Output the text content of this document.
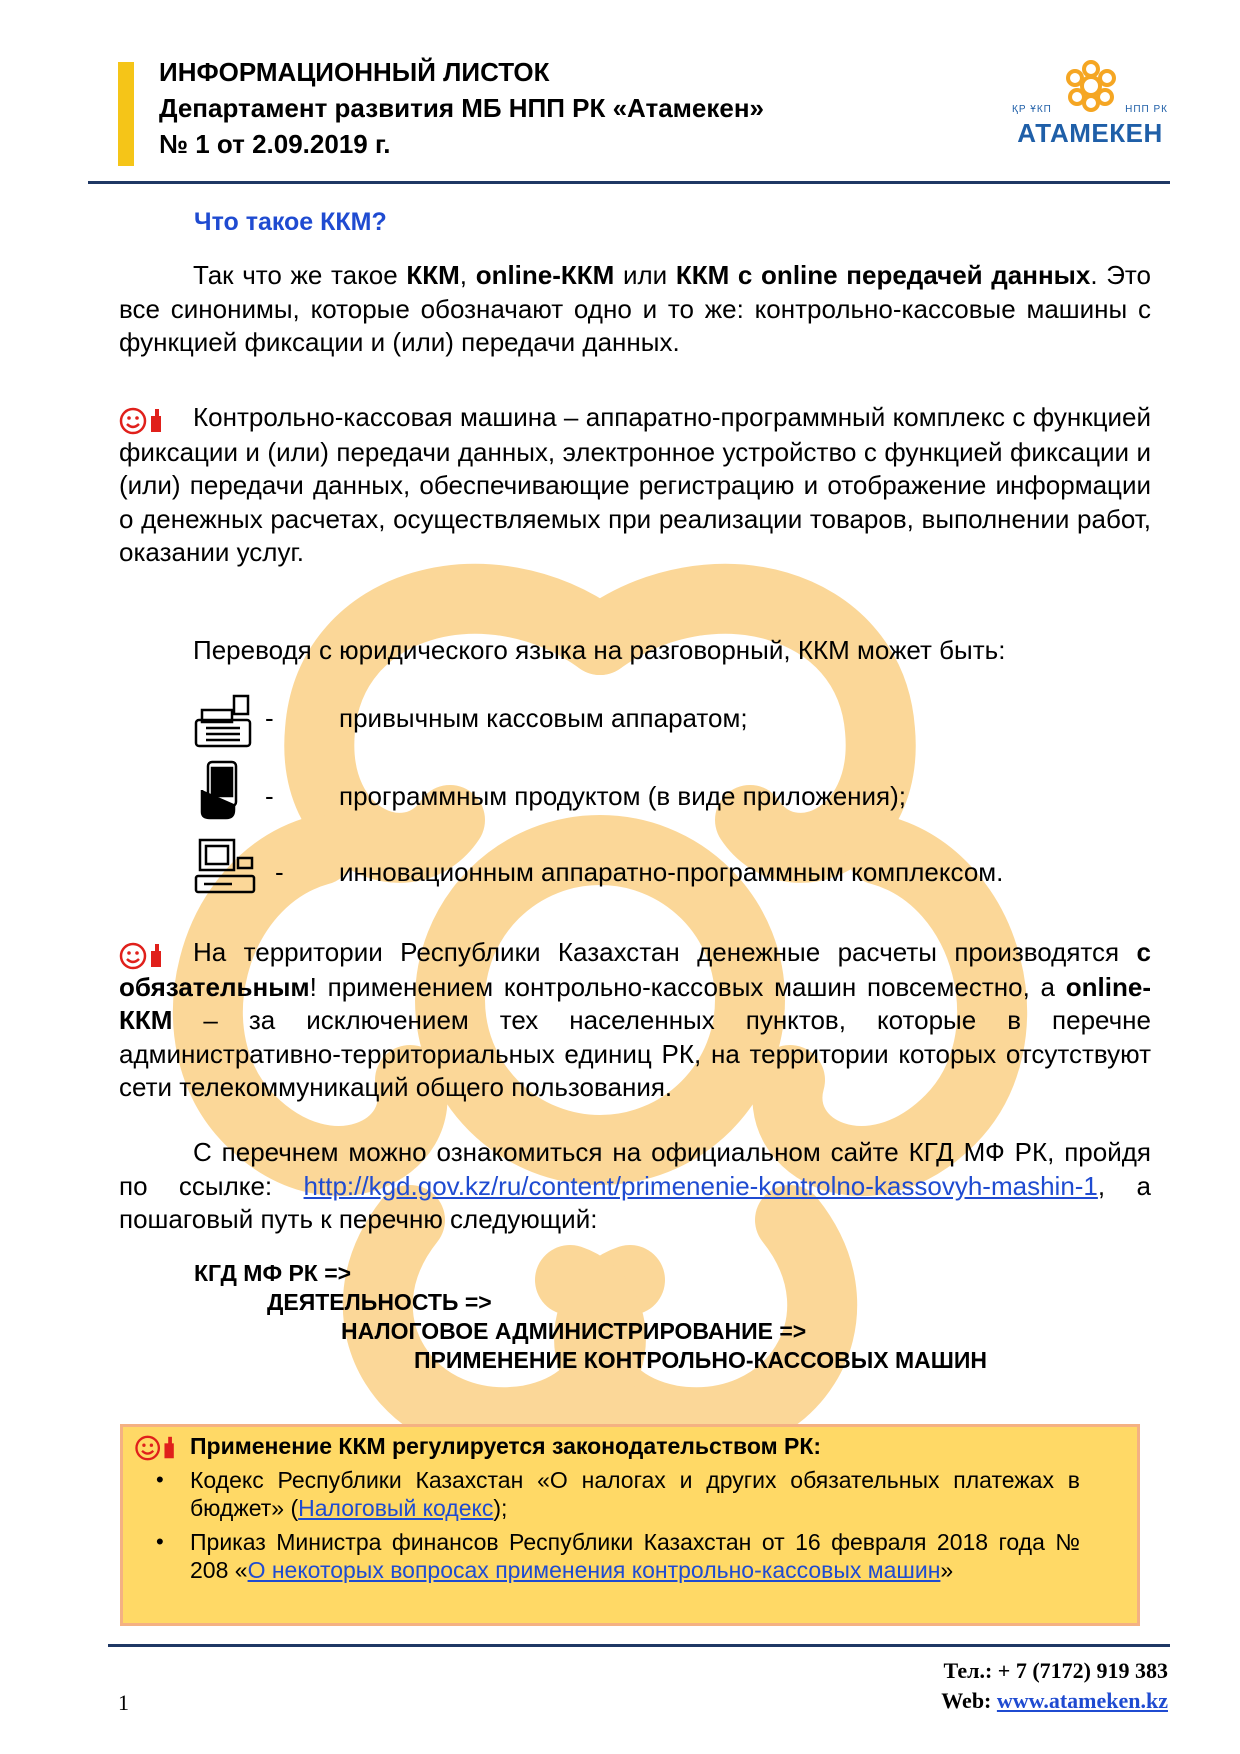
ИНФОРМАЦИОННЫЙ ЛИСТОК
Департамент развития МБ НПП РК «Атамекен»
№ 1 от 2.09.2019 г.
ҚР ҰКП	НПП РК
АТАМЕКЕН
Что такое ККМ?
Так что же такое ККМ, online-ККМ или ККМ с online передачей данных. Это все синонимы, которые обозначают одно и то же: контрольно-кассовые машины с функцией фиксации и (или) передачи данных.
Контрольно-кассовая машина – аппаратно-программный комплекс с функцией фиксации и (или) передачи данных, электронное устройство с функцией фиксации и (или) передачи данных, обеспечивающие регистрацию и отображение информации о денежных расчетах, осуществляемых при реализации товаров, выполнении работ, оказании услуг.
Переводя с юридического языка на разговорный, ККМ может быть:
-	привычным кассовым аппаратом;
-	программным продуктом (в виде приложения);
- инновационным аппаратно-программным комплексом.
На территории Республики Казахстан денежные расчеты производятся с обязательным! применением контрольно-кассовых машин повсеместно, а online-ККМ – за исключением тех населенных пунктов, которые в перечне административно-территориальных единиц РК, на территории которых отсутствуют сети телекоммуникаций общего пользования.
С перечнем можно ознакомиться на официальном сайте КГД МФ РК, пройдя по ссылке: http://kgd.gov.kz/ru/content/primenenie-kontrolno-kassovyh-mashin-1, а пошаговый путь к перечню следующий:
КГД МФ РК =>
ДЕЯТЕЛЬНОСТЬ =>
НАЛОГОВОЕ АДМИНИСТРИРОВАНИЕ =>
ПРИМЕНЕНИЕ КОНТРОЛЬНО-КАССОВЫХ МАШИН
Применение ККМ регулируется законодательством РК:
• Кодекс Республики Казахстан «О налогах и других обязательных платежах в бюджет» (Налоговый кодекс);
• Приказ Министра финансов Республики Казахстан от 16 февраля 2018 года № 208 «О некоторых вопросах применения контрольно-кассовых машин»
1
Тел.: + 7 (7172) 919 383
Web: www.atameken.kz
